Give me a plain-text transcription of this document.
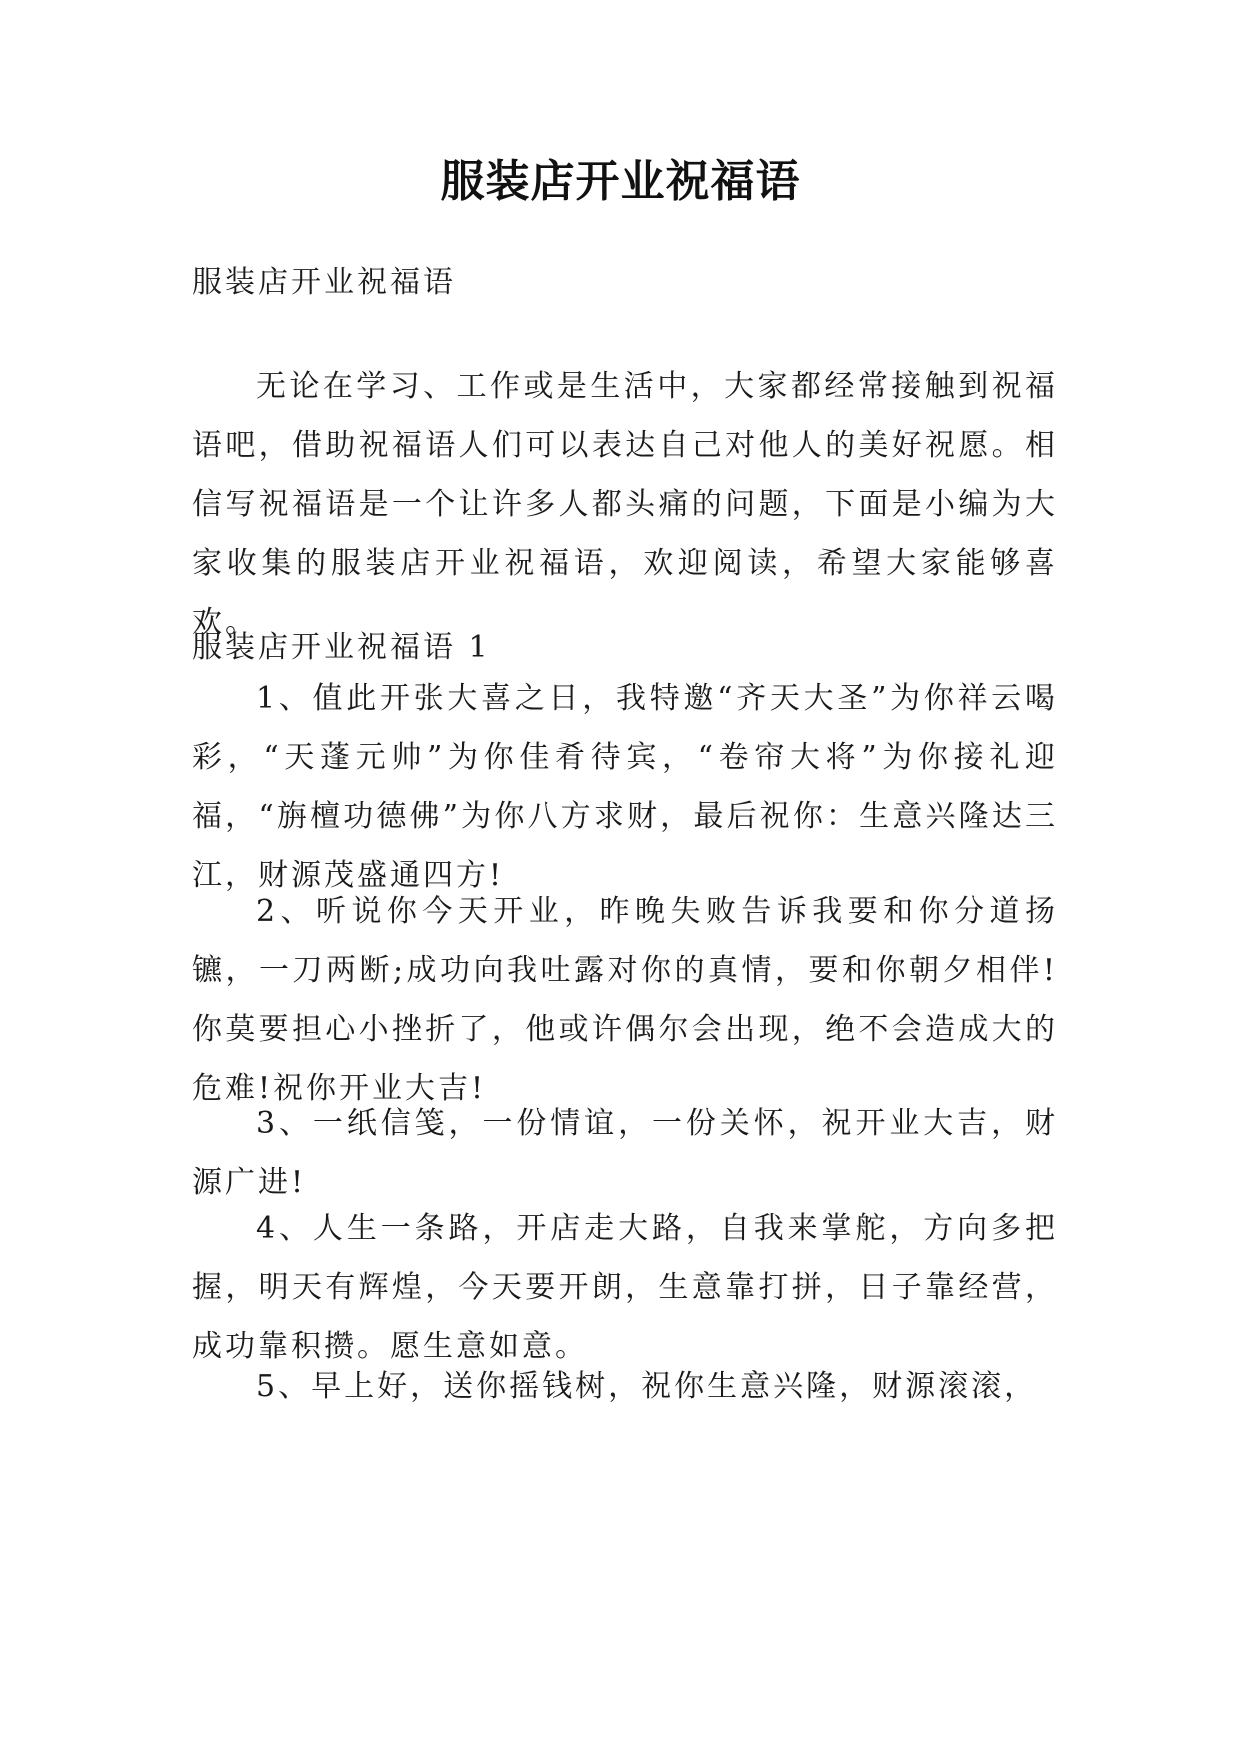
服装店开业祝福语

服装店开业祝福语

无论在学习、工作或是生活中，大家都经常接触到祝福语吧，借助祝福语人们可以表达自己对他人的美好祝愿。相信写祝福语是一个让许多人都头痛的问题，下面是小编为大家收集的服装店开业祝福语，欢迎阅读，希望大家能够喜欢。

服装店开业祝福语 1

1、值此开张大喜之日，我特邀“齐天大圣”为你祥云喝彩，“天蓬元帅”为你佳肴待宾，“卷帘大将”为你接礼迎福，“旃檀功德佛”为你八方求财，最后祝你：生意兴隆达三江，财源茂盛通四方!

2、听说你今天开业，昨晚失败告诉我要和你分道扬镳，一刀两断;成功向我吐露对你的真情，要和你朝夕相伴!你莫要担心小挫折了，他或许偶尔会出现，绝不会造成大的危难!祝你开业大吉!

3、一纸信笺，一份情谊，一份关怀，祝开业大吉，财源广进!

4、人生一条路，开店走大路，自我来掌舵，方向多把握，明天有辉煌，今天要开朗，生意靠打拼，日子靠经营，成功靠积攒。愿生意如意。

5、早上好，送你摇钱树，祝你生意兴隆，财源滚滚，
